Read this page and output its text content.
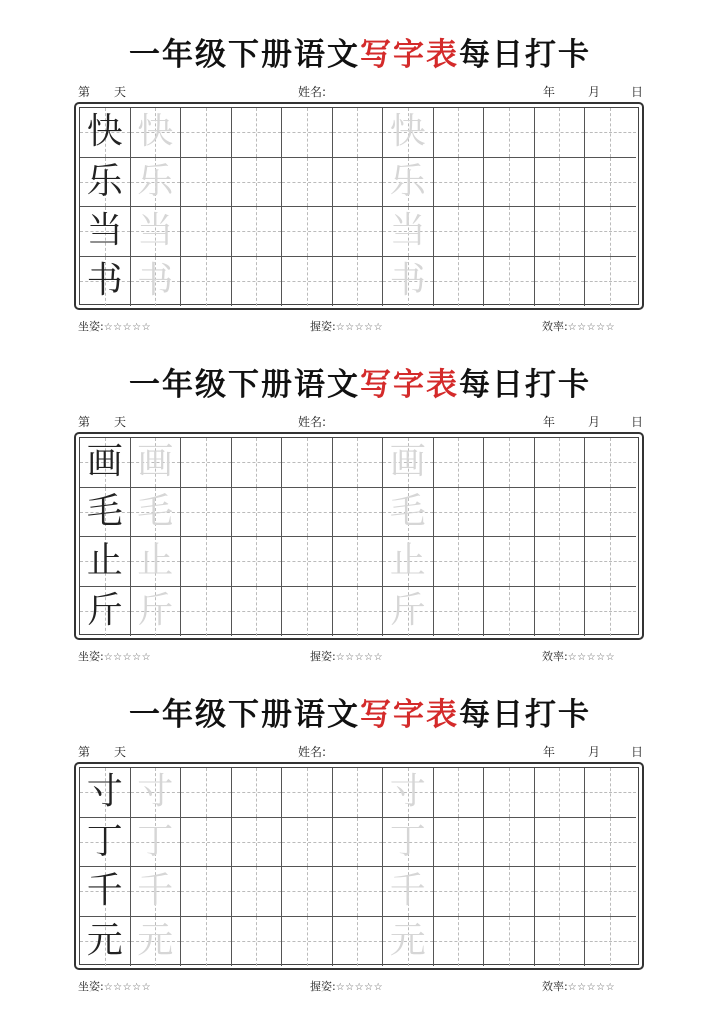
一年级下册语文写字表每日打卡
第 天	姓名:	年	月	日
快 快	快
乐 乐	乐
当 当	当
书 书	书
坐姿:☆☆☆☆☆	握姿:☆☆☆☆☆	效率:☆☆☆☆☆
一年级下册语文写字表每日打卡
第 天	姓名:	年	月	日
画 画	画
毛 毛	毛
止 止	止
斤 斤	斤
坐姿:☆☆☆☆☆	握姿:☆☆☆☆☆	效率:☆☆☆☆☆
一年级下册语文写字表每日打卡
第 天	姓名:	年	月	日
寸 寸	寸
丁 丁	丁
千 千	千
元 元	元
坐姿:☆☆☆☆☆	握姿:☆☆☆☆☆	效率:☆☆☆☆☆
